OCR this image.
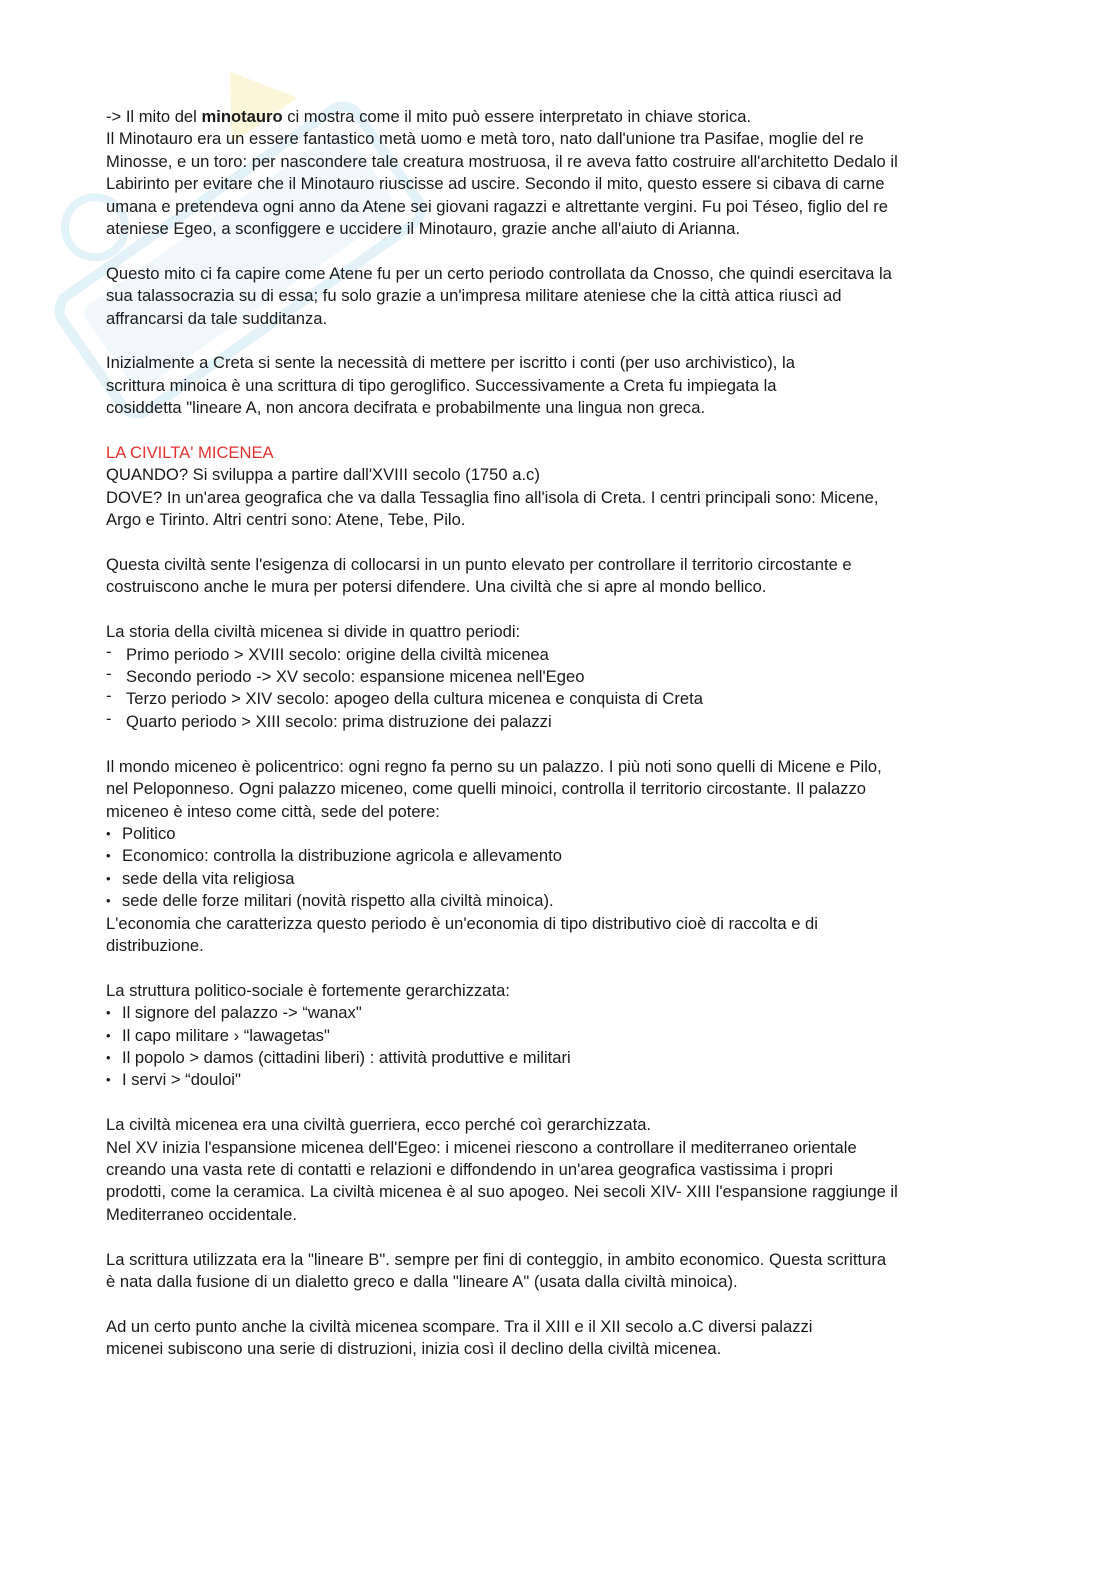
-> Il mito del minotauro ci mostra come il mito può essere interpretato in chiave storica.
Il Minotauro era un essere fantastico metà uomo e metà toro, nato dall'unione tra Pasifae, moglie del re
Minosse, e un toro: per nascondere tale creatura mostruosa, il re aveva fatto costruire all'architetto Dedalo il
Labirinto per evitare che il Minotauro riuscisse ad uscire. Secondo il mito, questo essere si cibava di carne
umana e pretendeva ogni anno da Atene sei giovani ragazzi e altrettante vergini. Fu poi Téseo, figlio del re
ateniese Egeo, a sconfiggere e uccidere il Minotauro, grazie anche all'aiuto di Arianna.

Questo mito ci fa capire come Atene fu per un certo periodo controllata da Cnosso, che quindi esercitava la
sua talassocrazia su di essa; fu solo grazie a un'impresa militare ateniese che la città attica riuscì ad
affrancarsi da tale sudditanza.

Inizialmente a Creta si sente la necessità di mettere per iscritto i conti (per uso archivistico), la
scrittura minoica è una scrittura di tipo geroglifico. Successivamente a Creta fu impiegata la
cosiddetta "lineare A, non ancora decifrata e probabilmente una lingua non greca.

LA CIVILTA' MICENEA
QUANDO? Si sviluppa a partire dall'XVIII secolo (1750 a.c)
DOVE? In un'area geografica che va dalla Tessaglia fino all'isola di Creta. I centri principali sono: Micene,
Argo e Tirinto. Altri centri sono: Atene, Tebe, Pilo.

Questa civiltà sente l'esigenza di collocarsi in un punto elevato per controllare il territorio circostante e
costruiscono anche le mura per potersi difendere. Una civiltà che si apre al mondo bellico.

La storia della civiltà micenea si divide in quattro periodi:
- Primo periodo > XVIII secolo: origine della civiltà micenea
- Secondo periodo -> XV secolo: espansione micenea nell'Egeo
- Terzo periodo > XIV secolo: apogeo della cultura micenea e conquista di Creta
- Quarto periodo > XIII secolo: prima distruzione dei palazzi
Il mondo miceneo è policentrico: ogni regno fa perno su un palazzo. I più noti sono quelli di Micene e Pilo,
nel Peloponneso. Ogni palazzo miceneo, come quelli minoici, controlla il territorio circostante. Il palazzo
miceneo è inteso come città, sede del potere:
• Politico
• Economico: controlla la distribuzione agricola e allevamento
• sede della vita religiosa
• sede delle forze militari (novità rispetto alla civiltà minoica).
L'economia che caratterizza questo periodo è un'economia di tipo distributivo cioè di raccolta e di
distribuzione.
La struttura politico-sociale è fortemente gerarchizzata:
• Il signore del palazzo -> “wanax"
• Il capo militare › “lawagetas"
• Il popolo > damos (cittadini liberi) : attività produttive e militari
• I servi > “douloi"

La civiltà micenea era una civiltà guerriera, ecco perché coì gerarchizzata.
Nel XV inizia l'espansione micenea dell'Egeo: i micenei riescono a controllare il mediterraneo orientale
creando una vasta rete di contatti e relazioni e diffondendo in un'area geografica vastissima i propri
prodotti, come la ceramica. La civiltà micenea è al suo apogeo. Nei secoli XIV- XIII l'espansione raggiunge il
Mediterraneo occidentale.

La scrittura utilizzata era la "lineare B". sempre per fini di conteggio, in ambito economico. Questa scrittura
è nata dalla fusione di un dialetto greco e dalla "lineare A" (usata dalla civiltà minoica).

Ad un certo punto anche la civiltà micenea scompare. Tra il XIII e il XII secolo a.C diversi palazzi
micenei subiscono una serie di distruzioni, inizia così il declino della civiltà micenea.
